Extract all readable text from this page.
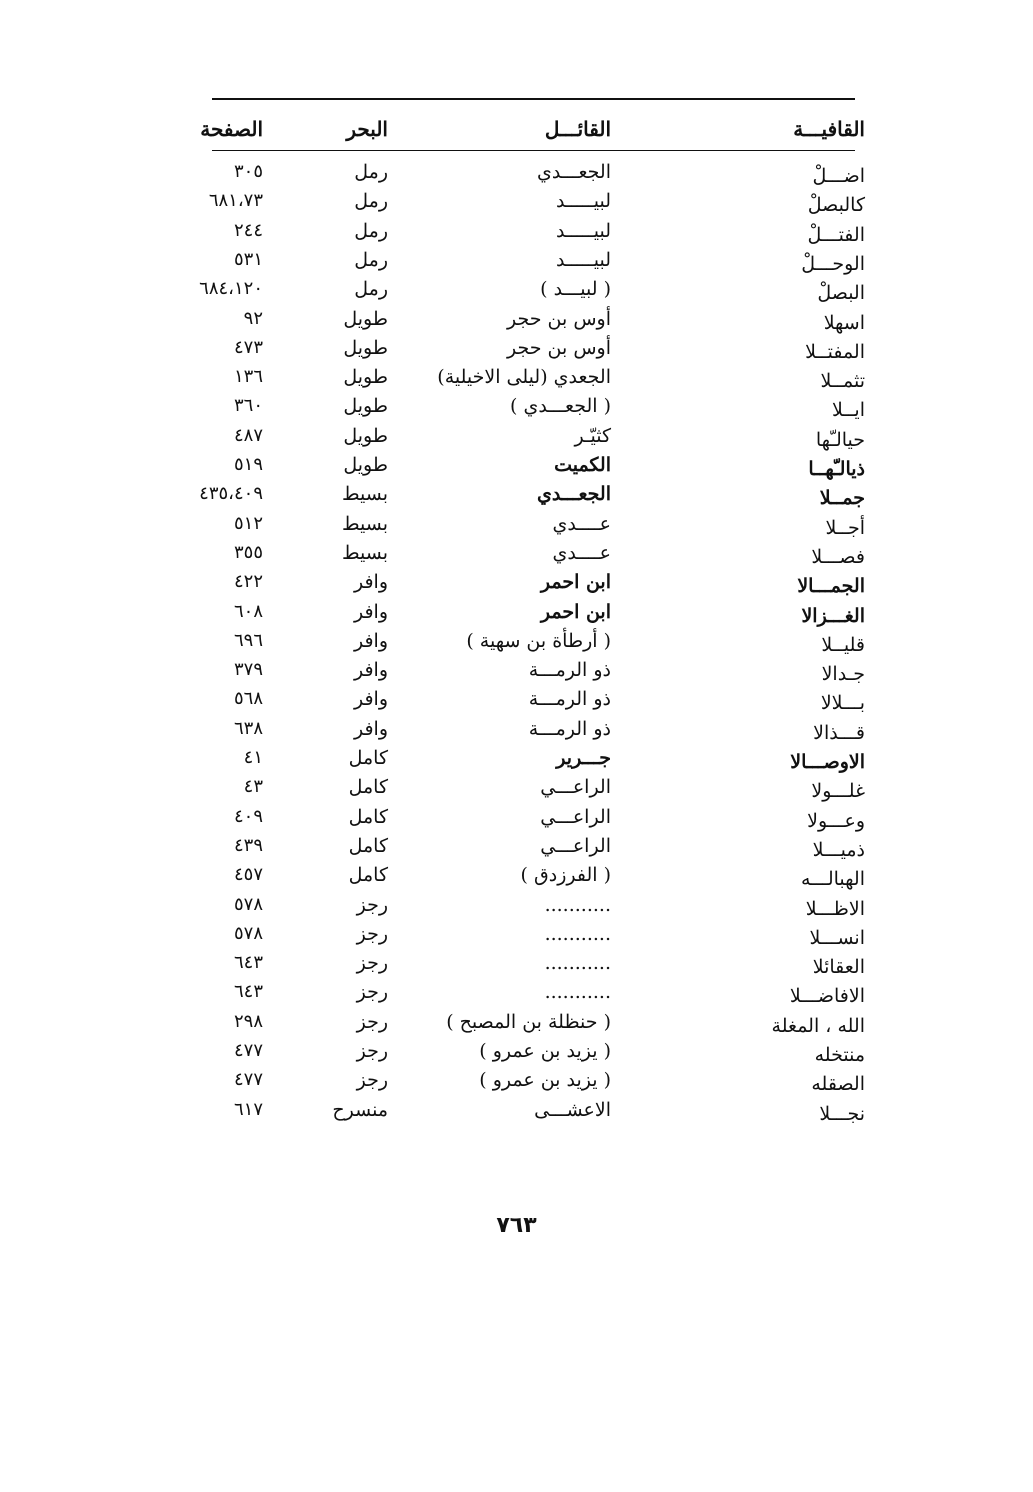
القافيـــة
القائـــل
البحر
الصفحة
اضـــلْ
الجعـــدي
رمل
٣٠٥
كالبصلْ
لبيـــــد
رمل
٦٨١،٧٣
الفتـــلْ
لبيـــــد
رمل
٢٤٤
الوحـــلْ
لبيـــــد
رمل
٥٣١
البصلْ
( لبيـــد )
رمل
٦٨٤،١٢٠
اسهلا
أوس بن حجر
طويل
٩٢
المفتــلا
أوس بن حجر
طويل
٤٧٣
تثمــلا
الجعدي (ليلى الاخيلية)
طويل
١٣٦
ايــلا
( الجعـــدي )
طويل
٣٦٠
حيالـّها
كثيّـر
طويل
٤٨٧
ذيالـّهــا
الكميت
طويل
٥١٩
جمــلا
الجعـــدي
بسيط
٤٣٥،٤٠٩
أجــلا
عــــدي
بسيط
٥١٢
فصـــلا
عــــدي
بسيط
٣٥٥
الجمـــالا
ابن احمر
وافر
٤٢٢
الغـــزالا
ابن احمر
وافر
٦٠٨
قليــلا
( أرطأة بن سهية )
وافر
٦٩٦
جـدالا
ذو الرمـــة
وافر
٣٧٩
بـــلالا
ذو الرمـــة
وافر
٥٦٨
قـــذالا
ذو الرمـــة
وافر
٦٣٨
الاوصـــالا
جـــرير
كامل
٤١
غلـــولا
الراعـــي
كامل
٤٣
وعـــولا
الراعـــي
كامل
٤٠٩
ذميـــلا
الراعـــي
كامل
٤٣٩
الهبالـــه
( الفرزدق )
كامل
٤٥٧
الاظـــلا
...........
رجز
٥٧٨
انســـلا
...........
رجز
٥٧٨
العقائلا
...........
رجز
٦٤٣
الافاضـــلا
...........
رجز
٦٤٣
الله ، المغلة
( حنظلة بن المصبح )
رجز
٢٩٨
منتخله
( يزيد بن عمرو )
رجز
٤٧٧
الصقله
( يزيد بن عمرو )
رجز
٤٧٧
نجـــلا
الاعشـــى
منسرح
٦١٧
٧٦٣
